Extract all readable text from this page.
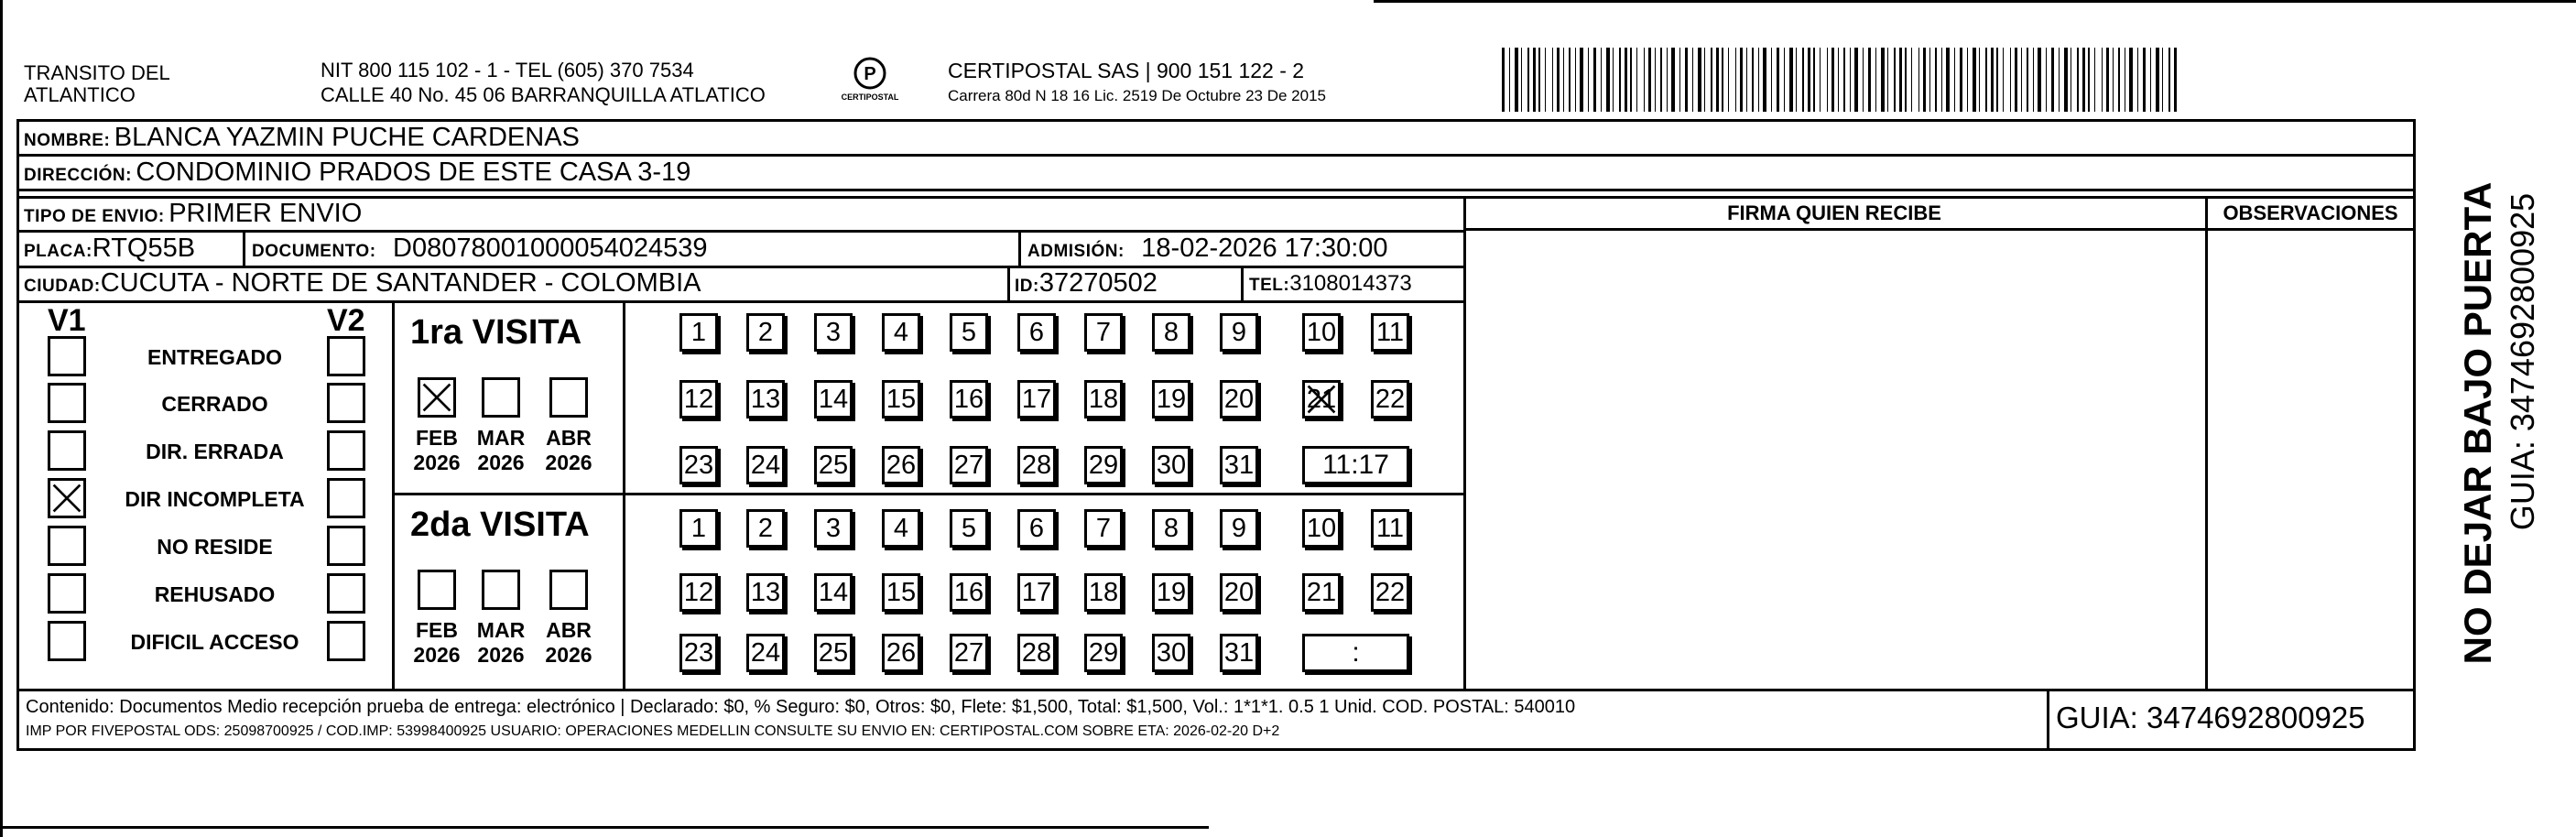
TRANSITO DEL
ATLANTICO
NIT 800 115 102 - 1 - TEL (605) 370 7534
CALLE 40 No. 45 06 BARRANQUILLA ATLATICO
P
CERTIPOSTAL
CERTIPOSTAL SAS | 900 151 122 - 2
Carrera 80d N 18 16 Lic. 2519 De Octubre 23 De 2015
NOMBRE: BLANCA YAZMIN PUCHE CARDENAS
DIRECCIÓN: CONDOMINIO PRADOS DE ESTE CASA 3-19
TIPO DE ENVIO: PRIMER ENVIO
PLACA:RTQ55B	DOCUMENTO: D08078001000054024539	ADMISIÓN: 18-02-2026 17:30:00
CIUDAD:CUCUTA - NORTE DE SANTANDER - COLOMBIA	ID:37270502	TEL:3108014373
FIRMA QUIEN RECIBE	OBSERVACIONES
V1	V2
ENTREGADO
CERRADO
DIR. ERRADA
DIR INCOMPLETA
NO RESIDE
REHUSADO
DIFICIL ACCESO
1ra VISITA
FEB
2026
MAR
2026
ABR
2026
1	2	3	4	5	6	7	8	9	10 11
12 13 14 15 16 17 18 19 20 21 22
23 24 25 26 27 28 29 30 31	11:17
2da VISITA
FEB
2026
MAR
2026
ABR
2026
1	2	3	4	5	6	7	8	9	10 11
12 13 14 15 16 17 18 19 20 21 22
23 24 25 26 27 28 29 30 31	:
Contenido: Documentos Medio recepción prueba de entrega: electrónico | Declarado: $0, % Seguro: $0, Otros: $0, Flete: $1,500, Total: $1,500, Vol.: 1*1*1. 0.5 1 Unid. COD. POSTAL: 540010
IMP POR FIVEPOSTAL ODS: 25098700925 / COD.IMP: 53998400925 USUARIO: OPERACIONES MEDELLIN CONSULTE SU ENVIO EN: CERTIPOSTAL.COM SOBRE ETA: 2026-02-20 D+2	GUIA: 3474692800925
NO DEJAR BAJO PUERTA GUIA: 3474692800925
